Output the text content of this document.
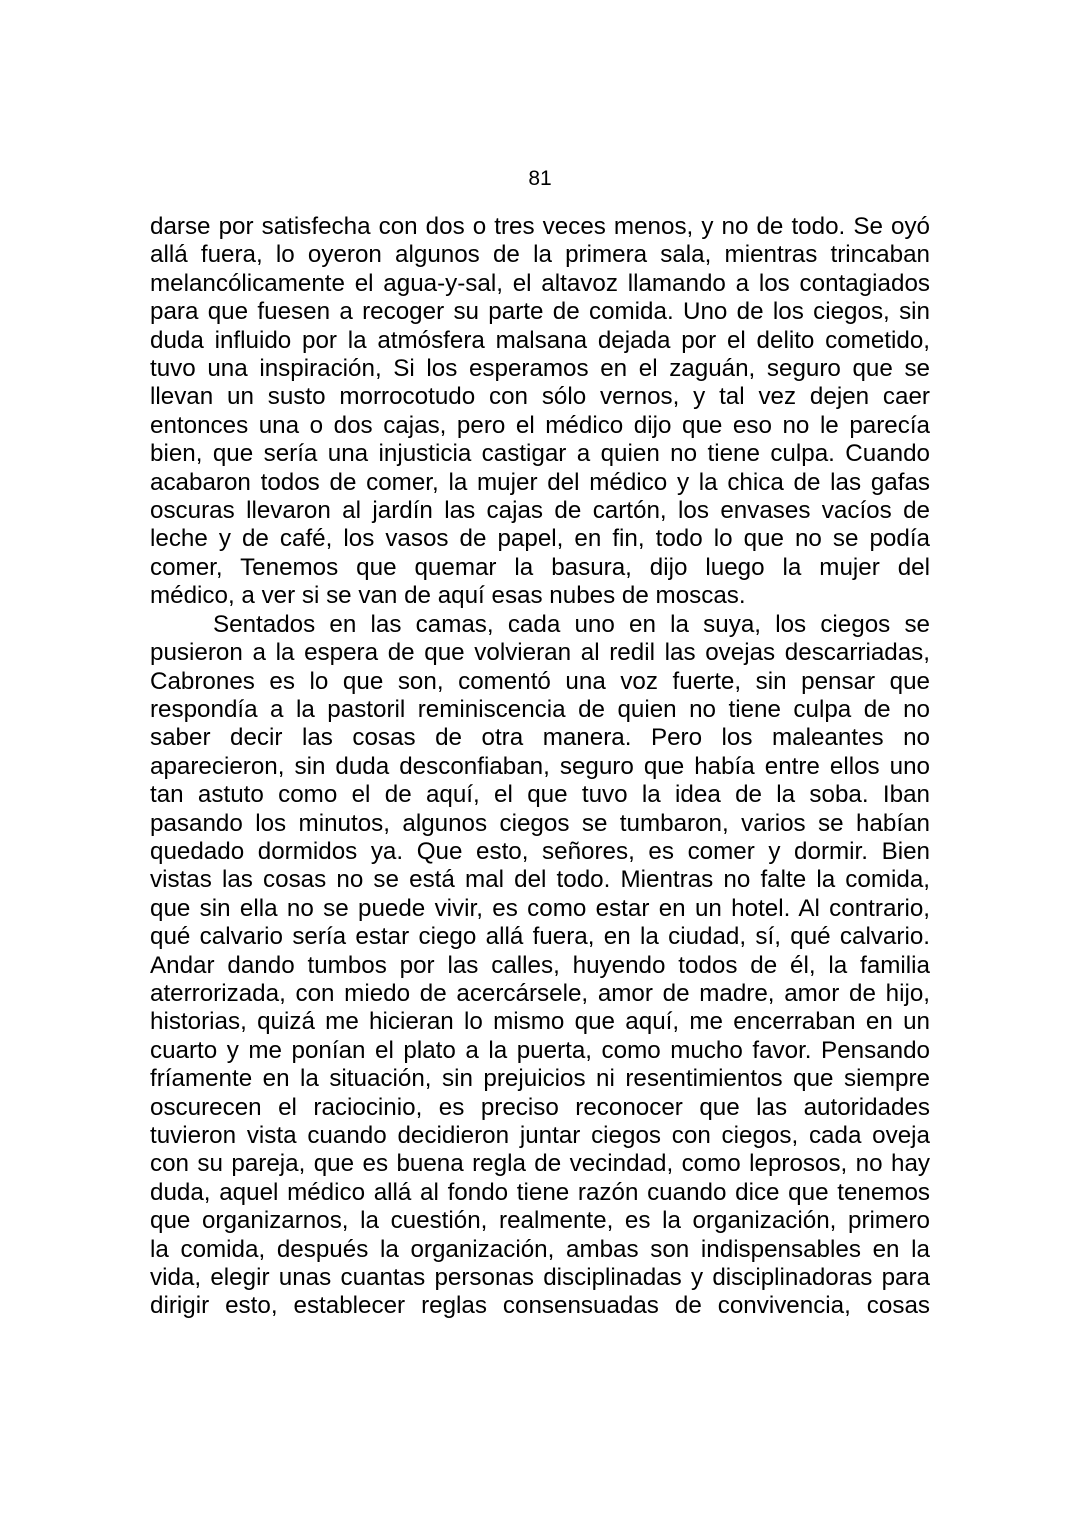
81
darse por satisfecha con dos o tres veces menos, y no de todo. Se oyó
allá fuera, lo oyeron algunos de la primera sala, mientras trincaban
melancólicamente el agua-y-sal, el altavoz llamando a los contagiados
para que fuesen a recoger su parte de comida. Uno de los ciegos, sin
duda influido por la atmósfera malsana dejada por el delito cometido,
tuvo una inspiración, Si los esperamos en el zaguán, seguro que se
llevan un susto morrocotudo con sólo vernos, y tal vez dejen caer
entonces una o dos cajas, pero el médico dijo que eso no le parecía
bien, que sería una injusticia castigar a quien no tiene culpa. Cuando
acabaron todos de comer, la mujer del médico y la chica de las gafas
oscuras llevaron al jardín las cajas de cartón, los envases vacíos de
leche y de café, los vasos de papel, en fin, todo lo que no se podía
comer, Tenemos que quemar la basura, dijo luego la mujer del
médico, a ver si se van de aquí esas nubes de moscas.
Sentados en las camas, cada uno en la suya, los ciegos se
pusieron a la espera de que volvieran al redil las ovejas descarriadas,
Cabrones es lo que son, comentó una voz fuerte, sin pensar que
respondía a la pastoril reminiscencia de quien no tiene culpa de no
saber decir las cosas de otra manera. Pero los maleantes no
aparecieron, sin duda desconfiaban, seguro que había entre ellos uno
tan astuto como el de aquí, el que tuvo la idea de la soba. Iban
pasando los minutos, algunos ciegos se tumbaron, varios se habían
quedado dormidos ya. Que esto, señores, es comer y dormir. Bien
vistas las cosas no se está mal del todo. Mientras no falte la comida,
que sin ella no se puede vivir, es como estar en un hotel. Al contrario,
qué calvario sería estar ciego allá fuera, en la ciudad, sí, qué calvario.
Andar dando tumbos por las calles, huyendo todos de él, la familia
aterrorizada, con miedo de acercársele, amor de madre, amor de hijo,
historias, quizá me hicieran lo mismo que aquí, me encerraban en un
cuarto y me ponían el plato a la puerta, como mucho favor. Pensando
fríamente en la situación, sin prejuicios ni resentimientos que siempre
oscurecen el raciocinio, es preciso reconocer que las autoridades
tuvieron vista cuando decidieron juntar ciegos con ciegos, cada oveja
con su pareja, que es buena regla de vecindad, como leprosos, no hay
duda, aquel médico allá al fondo tiene razón cuando dice que tenemos
que organizarnos, la cuestión, realmente, es la organización, primero
la comida, después la organización, ambas son indispensables en la
vida, elegir unas cuantas personas disciplinadas y disciplinadoras para
dirigir esto, establecer reglas consensuadas de convivencia, cosas
